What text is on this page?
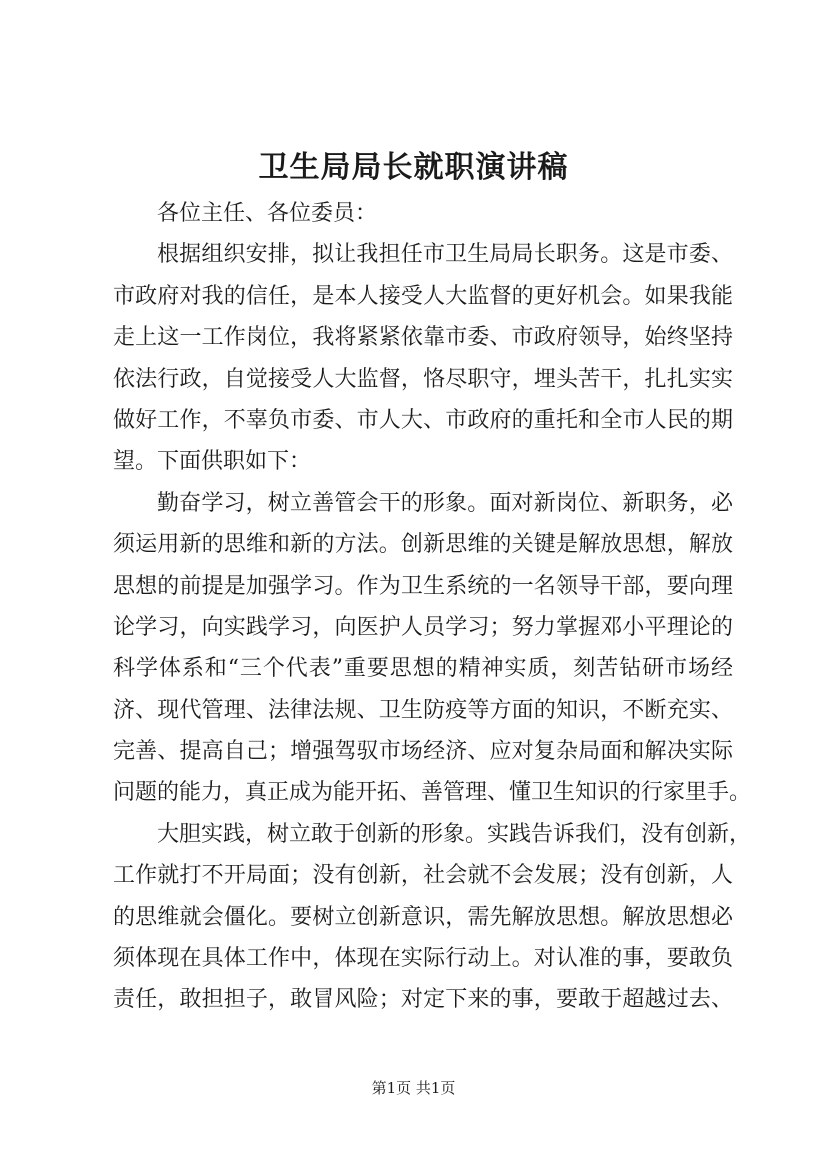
卫生局局长就职演讲稿
各位主任、各位委员：
根据组织安排，拟让我担任市卫生局局长职务。这是市委、
市政府对我的信任，是本人接受人大监督的更好机会。如果我能
走上这一工作岗位，我将紧紧依靠市委、市政府领导，始终坚持
依法行政，自觉接受人大监督，恪尽职守，埋头苦干，扎扎实实
做好工作，不辜负市委、市人大、市政府的重托和全市人民的期
望。下面供职如下：
勤奋学习，树立善管会干的形象。面对新岗位、新职务，必
须运用新的思维和新的方法。创新思维的关键是解放思想，解放
思想的前提是加强学习。作为卫生系统的一名领导干部，要向理
论学习，向实践学习，向医护人员学习；努力掌握邓小平理论的
科学体系和“三个代表”重要思想的精神实质，刻苦钻研市场经
济、现代管理、法律法规、卫生防疫等方面的知识，不断充实、
完善、提高自己；增强驾驭市场经济、应对复杂局面和解决实际
问题的能力，真正成为能开拓、善管理、懂卫生知识的行家里手。
大胆实践，树立敢于创新的形象。实践告诉我们，没有创新，
工作就打不开局面；没有创新，社会就不会发展；没有创新，人
的思维就会僵化。要树立创新意识，需先解放思想。解放思想必
须体现在具体工作中，体现在实际行动上。对认准的事，要敢负
责任，敢担担子，敢冒风险；对定下来的事，要敢于超越过去、
第1页 共1页
